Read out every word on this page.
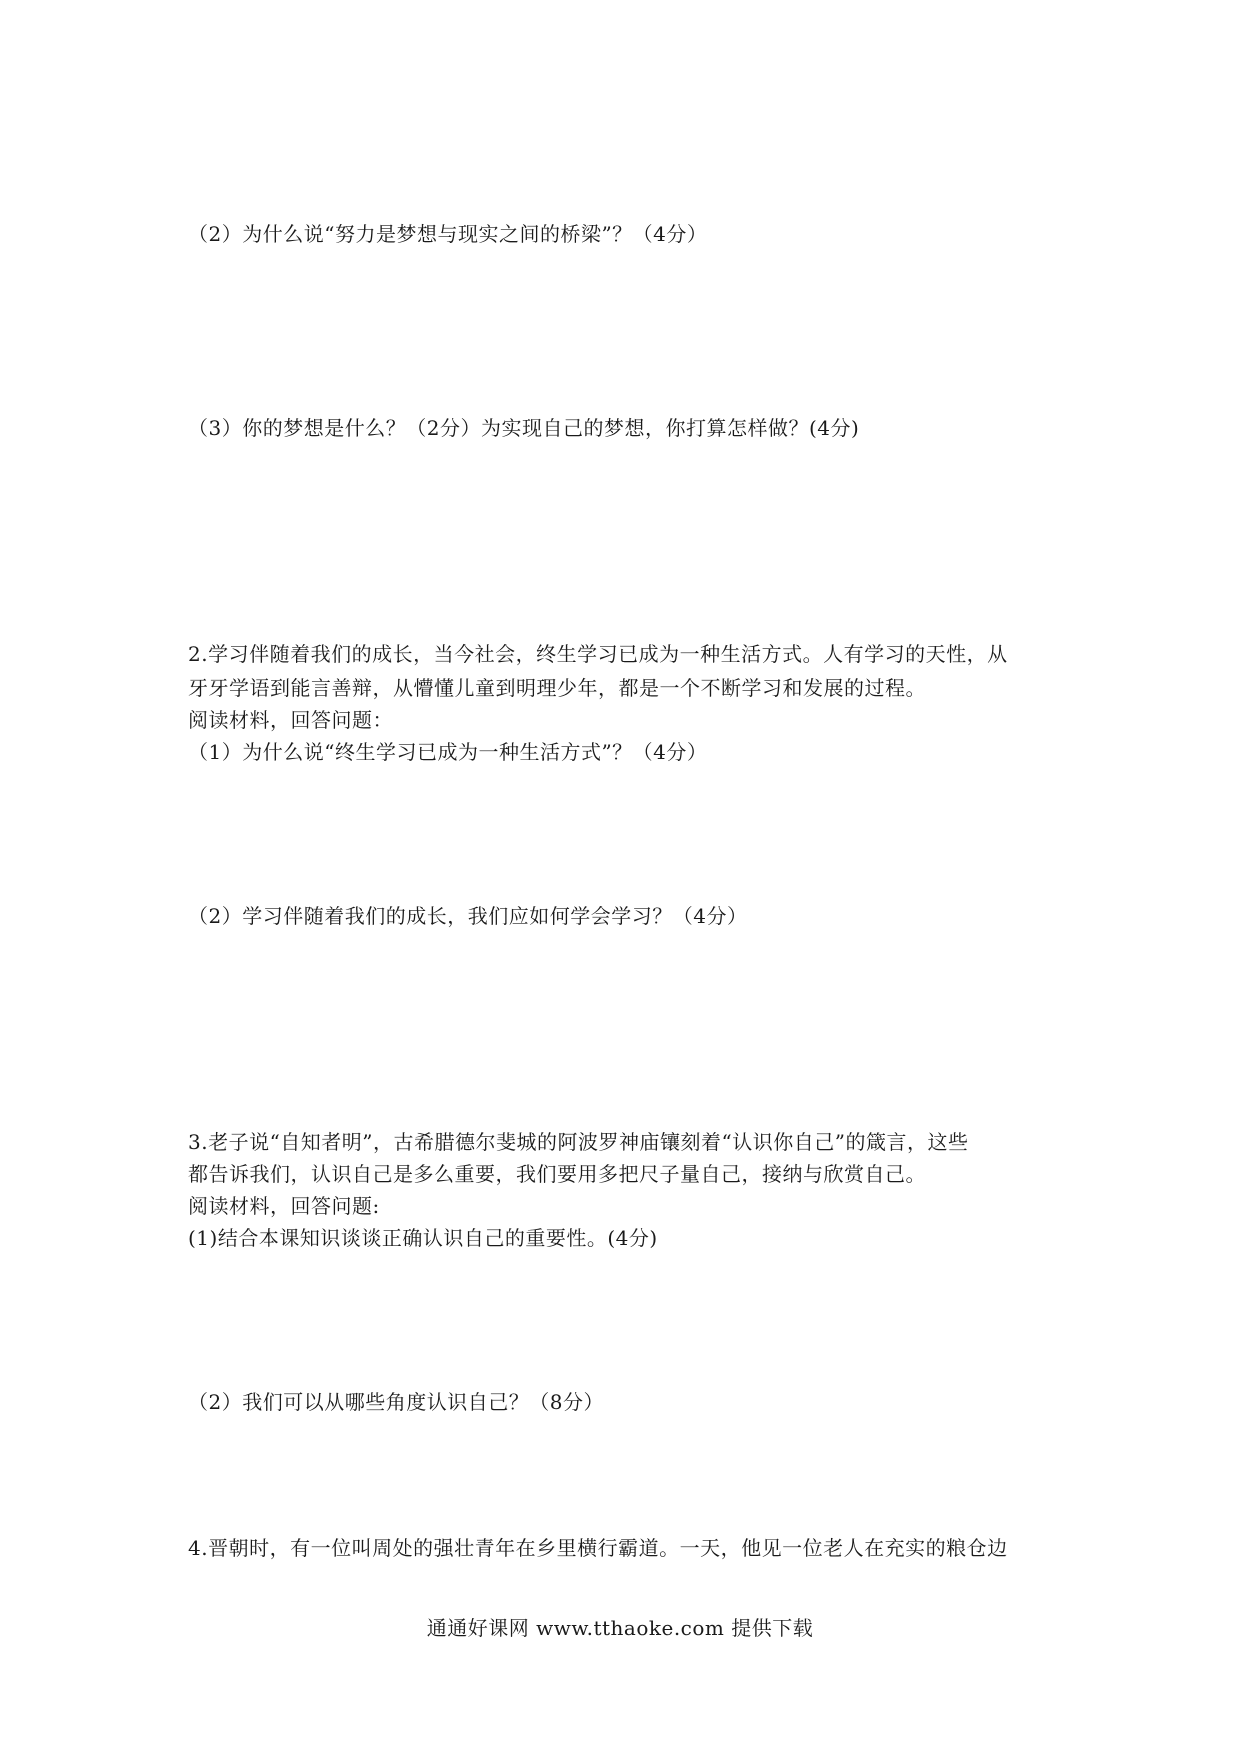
（2）为什么说“努力是梦想与现实之间的桥梁”？（4分）
（3）你的梦想是什么？（2分）为实现自己的梦想，你打算怎样做？(4分)
2.学习伴随着我们的成长，当今社会，终生学习已成为一种生活方式。人有学习的天性，从
牙牙学语到能言善辩，从懵懂儿童到明理少年，都是一个不断学习和发展的过程。
阅读材料，回答问题：
（1）为什么说“终生学习已成为一种生活方式”？（4分）
（2）学习伴随着我们的成长，我们应如何学会学习？（4分）
3.老子说“自知者明”，古希腊德尔斐城的阿波罗神庙镶刻着“认识你自己”的箴言，这些
都告诉我们，认识自己是多么重要，我们要用多把尺子量自己，接纳与欣赏自己。
阅读材料，回答问题:
(1)结合本课知识谈谈正确认识自己的重要性。(4分)
（2）我们可以从哪些角度认识自己？（8分）
4.晋朝时，有一位叫周处的强壮青年在乡里横行霸道。一天，他见一位老人在充实的粮仓边
通通好课网 www.tthaoke.com 提供下载
